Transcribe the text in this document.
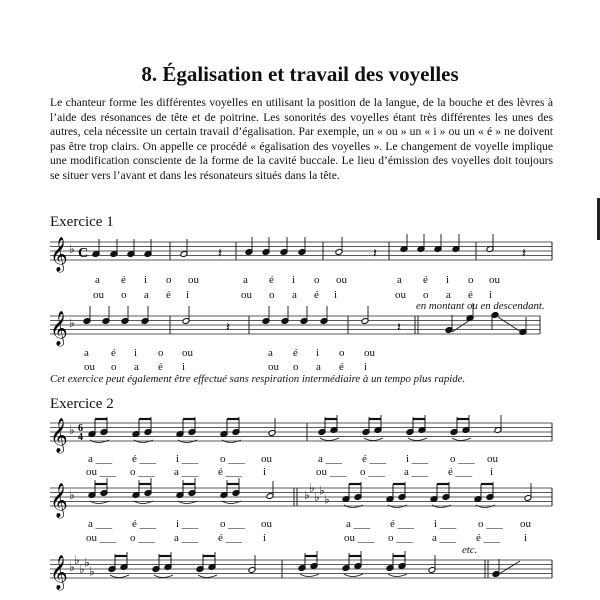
8. Égalisation et travail des voyelles
Le chanteur forme les différentes voyelles en utilisant la position de la langue, de la bouche et des lèvres à l’aide des résonances de tête et de poitrine. Les sonorités des voyelles étant très différentes les unes des autres, cela nécessite un certain travail d’égalisation. Par exemple, un « ou » un « i » ou un « é » ne doivent pas être trop clairs. On appelle ce procédé « égalisation des voyelles ». Le changement de voyelle implique une modification consciente de la forme de la cavité buccale. Le lieu d’émission des voyelles doit toujours se situer vers l’avant et dans les résonateurs situés dans la tête.
Exercice 1
Exercice 2
𝄞 ♭ C	𝄽	𝄽	𝄽
𝄞 ♭	𝄽	𝄽
𝄞 ♭ 6
4
𝄞 ♭	♭ ♭
♭ ♭
♭
𝄞 ♭ ♭
♭ ♭
♭
a é i o ou	a é i o ou	a é i o ou
ou o a é i	ou o a é i	ou o a é i
a é i o ou	a é i o ou
ou o a é i	ou o a é i
a ___ é ___ i ___ o ___ ou	a ___ é ___ i ___ o ___ ou
ou ___ o ___ a ___ é ___ i	ou ___ o ___ a ___ é ___ i
a ___ é ___ i ___ o ___ ou	a ___ é ___ i ___ o ___ ou
ou ___ o ___ a ___ é ___ i	ou ___ o ___ a ___ é ___ i
en montant ou en descendant.
Cet exercice peut également être effectué sans respiration intermédiaire à un tempo plus rapide.
etc.
